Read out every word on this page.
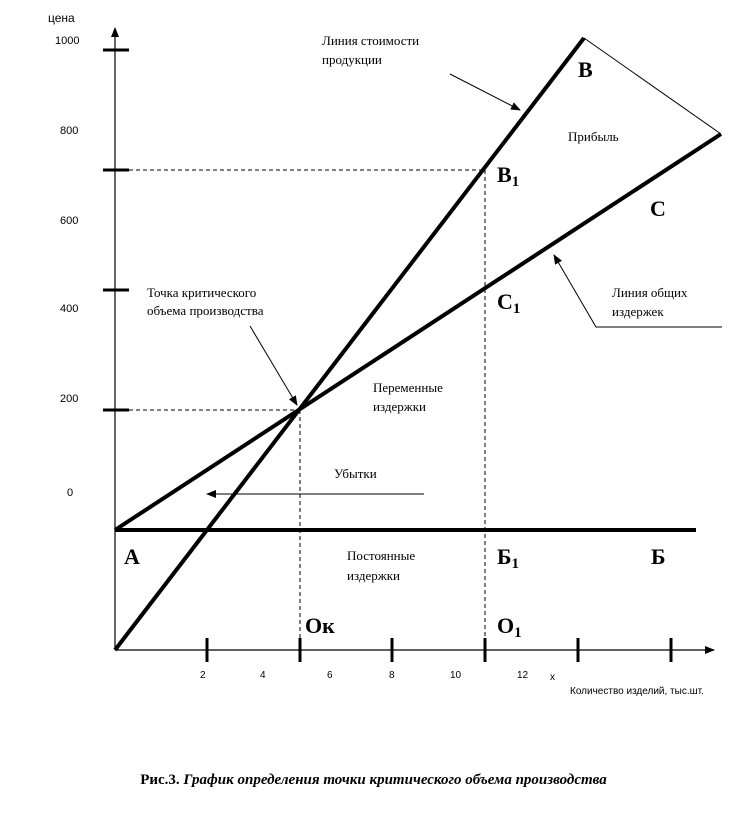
цена
x
Количество изделий, тыс.шт.
1000
800
600
400
200
0
2	4	6	8	10	12
Линия стоимости
продукции
Прибыль
Точка критического
объема производства
Линия общих
издержек
Переменные
издержки
Убытки
Постоянные
издержки
В
В1
С
С1
А	Б1	Б
Ок	О1
Рис.3. График определения точки критического объема производства
